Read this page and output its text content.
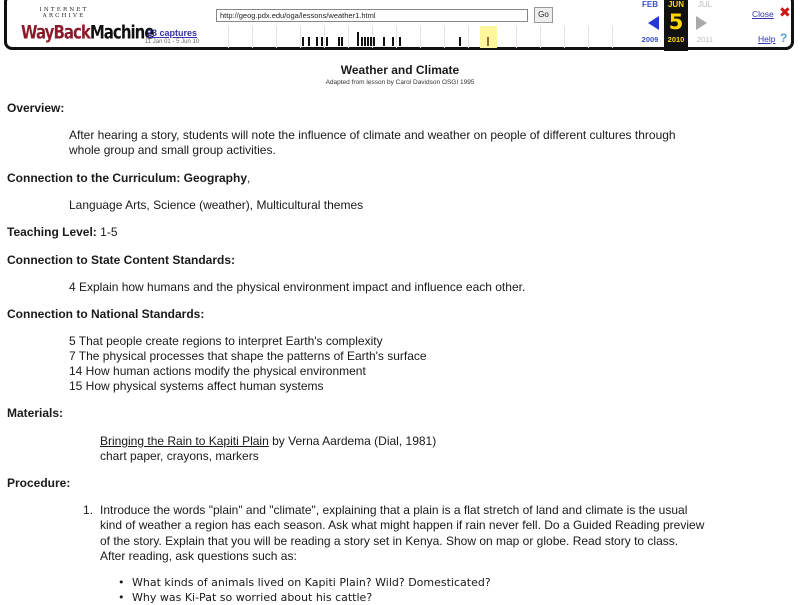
INTERNET ARCHIVE
WayBackMachine
23 captures
11 Jan 01 - 5 Jun 10
http://geog.pdx.edu/oga/lessons/weather1.html
Go
FEB
2009
JUN
5
2010
JUL
2011
Close ✖
Help ?
Weather and Climate
Adapted from lesson by Carol Davidson OSGI 1995
Overview:
After hearing a story, students will note the influence of climate and weather on people of different cultures through
whole group and small group activities.
Connection to the Curriculum: Geography,
Language Arts, Science (weather), Multicultural themes
Teaching Level: 1-5
Connection to State Content Standards:
4 Explain how humans and the physical environment impact and influence each other.
Connection to National Standards:
5 That people create regions to interpret Earth's complexity
7 The physical processes that shape the patterns of Earth's surface
14 How human actions modify the physical environment
15 How physical systems affect human systems
Materials:
Bringing the Rain to Kapiti Plain by Verna Aardema (Dial, 1981)
chart paper, crayons, markers
Procedure:
1. Introduce the words "plain" and "climate", explaining that a plain is a flat stretch of land and climate is the usual
kind of weather a region has each season. Ask what might happen if rain never fell. Do a Guided Reading preview
of the story. Explain that you will be reading a story set in Kenya. Show on map or globe. Read story to class.
After reading, ask questions such as:
• What kinds of animals lived on Kapiti Plain? Wild? Domesticated?
• Why was Ki-Pat so worried about his cattle?
